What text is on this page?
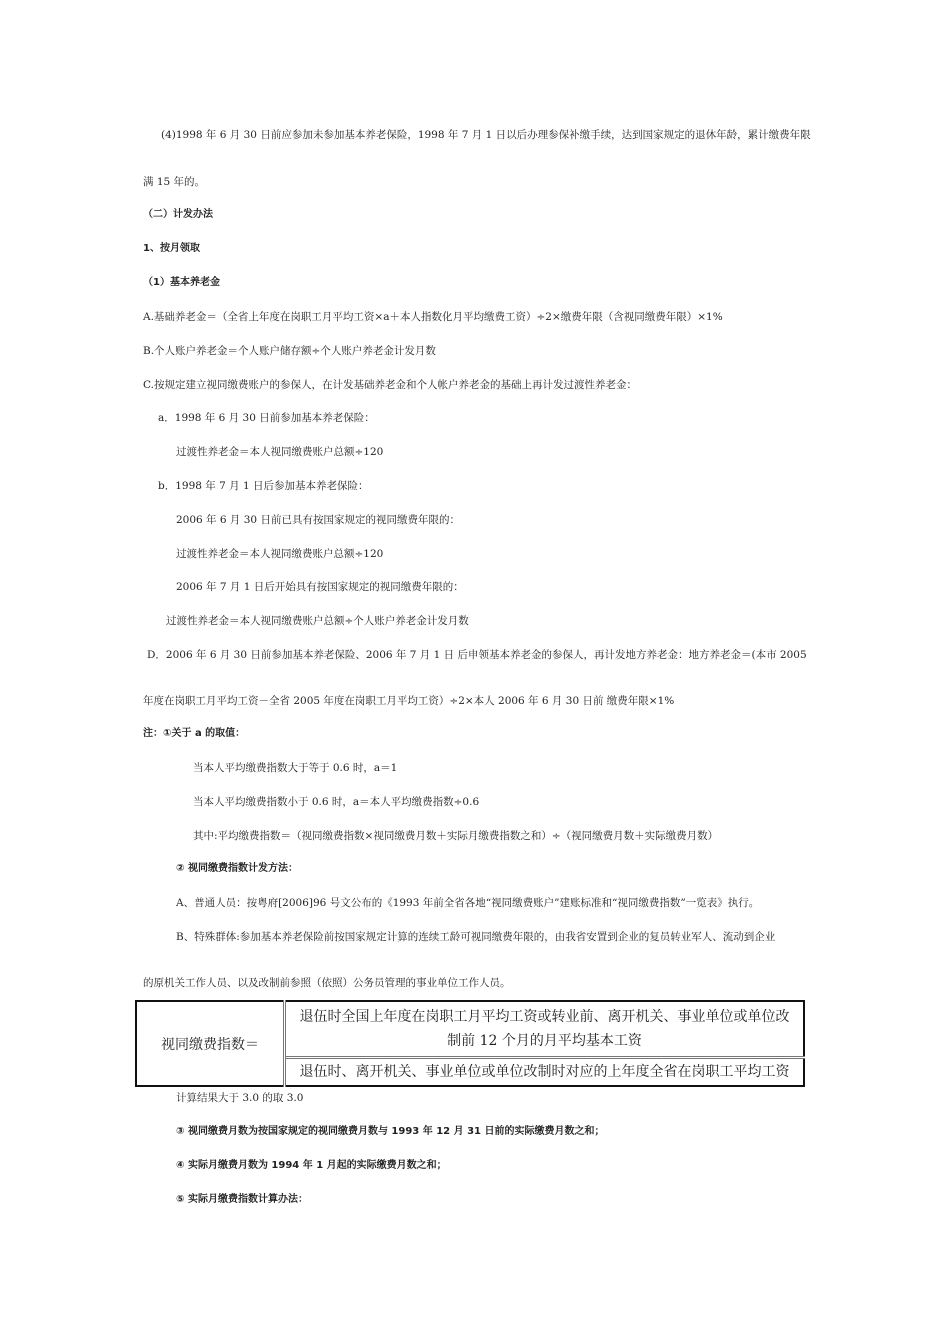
(4)1998 年 6 月 30 日前应参加未参加基本养老保险，1998 年 7 月 1 日以后办理参保补缴手续，达到国家规定的退休年龄，累计缴费年限
满 15 年的。
（二）计发办法
1、按月领取
（1）基本养老金
A.基础养老金＝（全省上年度在岗职工月平均工资×a＋本人指数化月平均缴费工资）÷2×缴费年限（含视同缴费年限）×1%
B.个人账户养老金＝个人账户储存额÷个人账户养老金计发月数
C.按规定建立视同缴费账户的参保人，在计发基础养老金和个人帐户养老金的基础上再计发过渡性养老金：
a．1998 年 6 月 30 日前参加基本养老保险：
过渡性养老金＝本人视同缴费账户总额÷120
b．1998 年 7 月 1 日后参加基本养老保险：
2006 年 6 月 30 日前已具有按国家规定的视同缴费年限的：
过渡性养老金＝本人视同缴费账户总额÷120
2006 年 7 月 1 日后开始具有按国家规定的视同缴费年限的：
过渡性养老金＝本人视同缴费账户总额÷个人账户养老金计发月数
D．2006 年 6 月 30 日前参加基本养老保险、2006 年 7 月 1 日 后申领基本养老金的参保人，再计发地方养老金：地方养老金＝(本市 2005
年度在岗职工月平均工资－全省 2005 年度在岗职工月平均工资）÷2×本人 2006 年 6 月 30 日前 缴费年限×1%
注：①关于 a 的取值：
当本人平均缴费指数大于等于 0.6 时，a＝1
当本人平均缴费指数小于 0.6 时，a＝本人平均缴费指数÷0.6
其中:平均缴费指数＝（视同缴费指数×视同缴费月数＋实际月缴费指数之和）÷（视同缴费月数＋实际缴费月数）
② 视同缴费指数计发方法：
A、普通人员：按粤府[2006]96 号文公布的《1993 年前全省各地“视同缴费账户”建账标准和“视同缴费指数”一览表》执行。
B、特殊群体:参加基本养老保险前按国家规定计算的连续工龄可视同缴费年限的，由我省安置到企业的复员转业军人、流动到企业
的原机关工作人员、以及改制前参照（依照）公务员管理的事业单位工作人员。
视同缴费指数＝	退伍时全国上年度在岗职工月平均工资或转业前、离开机关、事业单位或单位改
制前 12 个月的月平均基本工资
退伍时、离开机关、事业单位或单位改制时对应的上年度全省在岗职工平均工资
计算结果大于 3.0 的取 3.0
③ 视同缴费月数为按国家规定的视同缴费月数与 1993 年 12 月 31 日前的实际缴费月数之和；
④ 实际月缴费月数为 1994 年 1 月起的实际缴费月数之和；
⑤ 实际月缴费指数计算办法：
